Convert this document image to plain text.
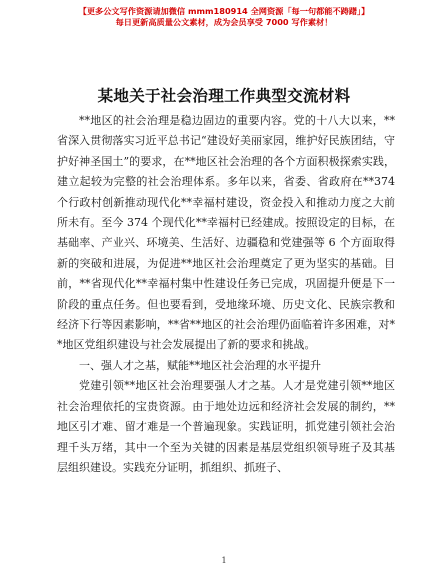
【更多公文写作资源请加微信 mmm180914 全网资源「每一句都能不踌躇」】
每日更新高质量公文素材，成为会员享受 7000 写作素材！
某地关于社会治理工作典型交流材料

**地区的社会治理是稳边固边的重要内容。党的十八大以来，**省深入贯彻落实习近平总书记“建设好美丽家园，维护好民族团结，守护好神圣国土”的要求，在**地区社会治理的各个方面积极探索实践，建立起较为完整的社会治理体系。多年以来，省委、省政府在**374 个行政村创新推动现代化**幸福村建设，资金投入和推动力度之大前所未有。至今 374 个现代化**幸福村已经建成。按照设定的目标，在基础率、产业兴、环境美、生活好、边疆稳和党建强等 6 个方面取得新的突破和进展，为促进**地区社会治理奠定了更为坚实的基础。目前，**省现代化**幸福村集中性建设任务已完成，巩固提升便是下一阶段的重点任务。但也要看到，受地缘环境、历史文化、民族宗教和经济下行等因素影响，**省**地区的社会治理仍面临着许多困难，对**地区党组织建设与社会发展提出了新的要求和挑战。

一、强人才之基，赋能**地区社会治理的水平提升

党建引领**地区社会治理要强人才之基。人才是党建引领**地区社会治理依托的宝贵资源。由于地处边远和经济社会发展的制约，**地区引才难、留才难是一个普遍现象。实践证明，抓党建引领社会治理千头万绪，其中一个至为关键的因素是基层党组织领导班子及其基层组织建设。实践充分证明，抓组织、抓班子、

1
